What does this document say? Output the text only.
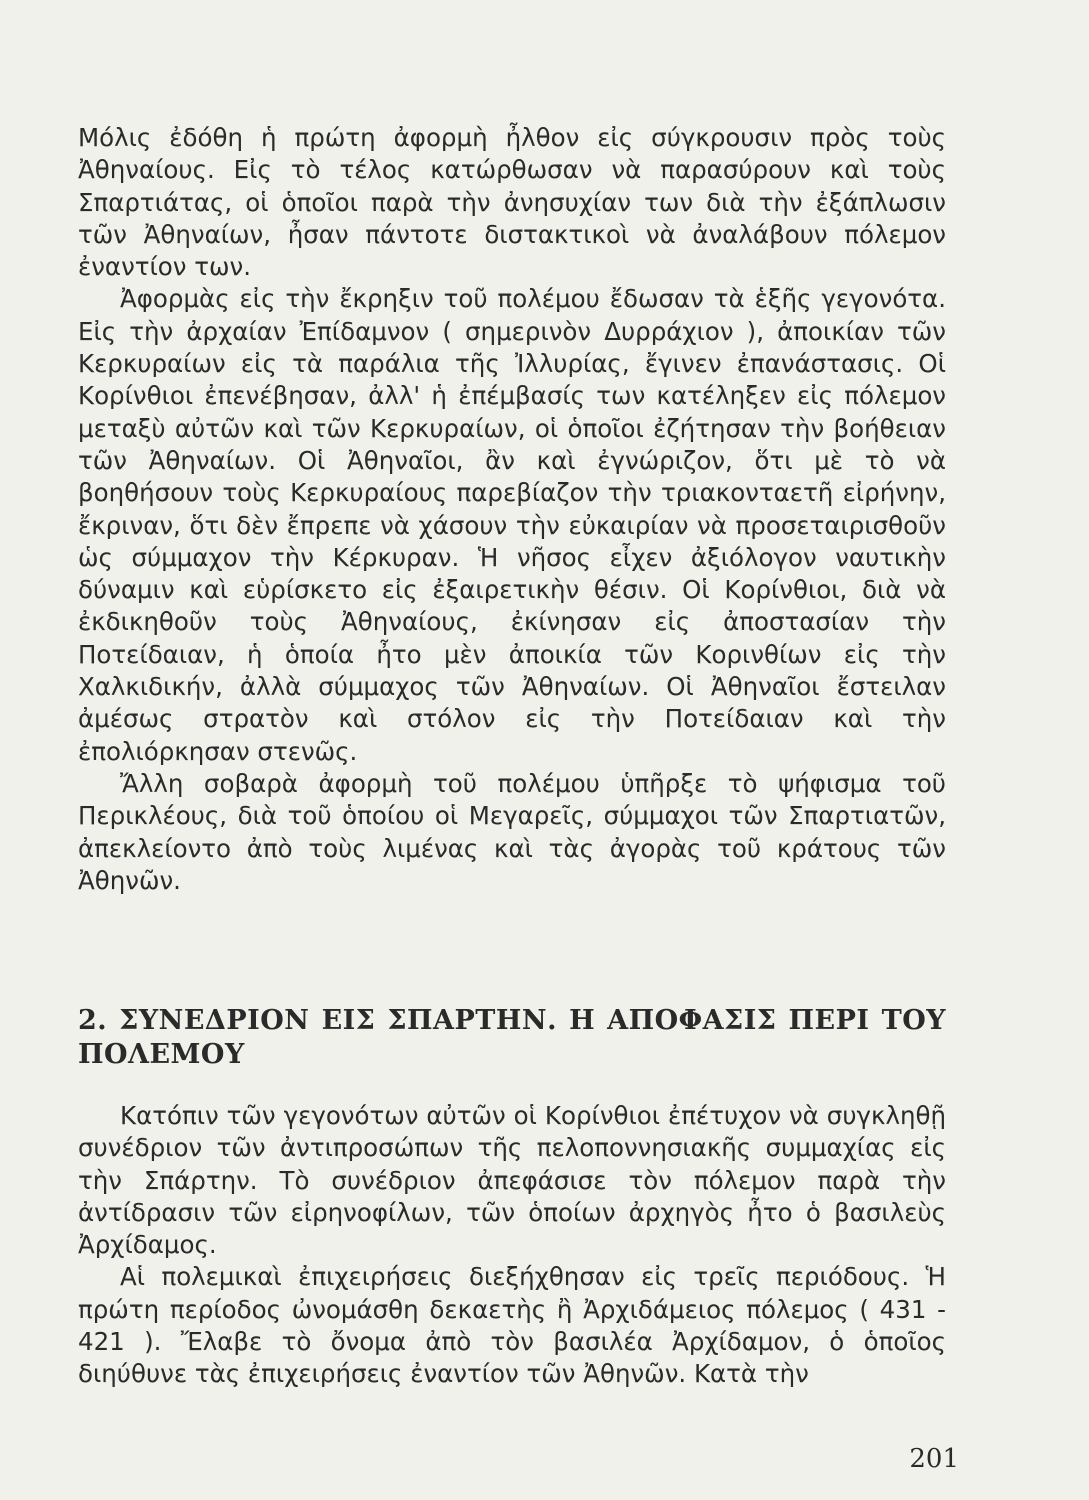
Μόλις ἐδόθη ἡ πρώτη ἀφορμὴ ἦλθον εἰς σύγκρουσιν πρὸς τοὺς Ἀθηναίους. Εἰς τὸ τέλος κατώρθωσαν νὰ παρασύρουν καὶ τοὺς Σπαρτιάτας, οἱ ὁποῖοι παρὰ τὴν ἀνησυχίαν των διὰ τὴν ἐξάπλωσιν τῶν Ἀθηναίων, ἦσαν πάντοτε διστακτικοὶ νὰ ἀναλάβουν πόλεμον ἐναντίον των.

Ἀφορμὰς εἰς τὴν ἔκρηξιν τοῦ πολέμου ἔδωσαν τὰ ἑξῆς γεγονότα. Εἰς τὴν ἀρχαίαν Ἐπίδαμνον ( σημερινὸν Δυρράχιον ), ἀποικίαν τῶν Κερκυραίων εἰς τὰ παράλια τῆς Ἰλλυρίας, ἔγινεν ἐπανάστασις. Οἱ Κορίνθιοι ἐπενέβησαν, ἀλλ' ἡ ἐπέμβασίς των κατέληξεν εἰς πόλεμον μεταξὺ αὐτῶν καὶ τῶν Κερκυραίων, οἱ ὁποῖοι ἐζήτησαν τὴν βοήθειαν τῶν Ἀθηναίων. Οἱ Ἀθηναῖοι, ἂν καὶ ἐγνώριζον, ὅτι μὲ τὸ νὰ βοηθήσουν τοὺς Κερκυραίους παρεβίαζον τὴν τριακονταετῆ εἰρήνην, ἔκριναν, ὅτι δὲν ἔπρεπε νὰ χάσουν τὴν εὐκαιρίαν νὰ προσεταιρισθοῦν ὡς σύμμαχον τὴν Κέρκυραν. Ἡ νῆσος εἶχεν ἀξιόλογον ναυτικὴν δύναμιν καὶ εὑρίσκετο εἰς ἐξαιρετικὴν θέσιν. Οἱ Κορίνθιοι, διὰ νὰ ἐκδικηθοῦν τοὺς Ἀθηναίους, ἐκίνησαν εἰς ἀποστασίαν τὴν Ποτείδαιαν, ἡ ὁποία ἦτο μὲν ἀποικία τῶν Κορινθίων εἰς τὴν Χαλκιδικήν, ἀλλὰ σύμμαχος τῶν Ἀθηναίων. Οἱ Ἀθηναῖοι ἔστειλαν ἀμέσως στρατὸν καὶ στόλον εἰς τὴν Ποτείδαιαν καὶ τὴν ἐπολιόρκησαν στενῶς.

Ἄλλη σοβαρὰ ἀφορμὴ τοῦ πολέμου ὑπῆρξε τὸ ψήφισμα τοῦ Περικλέους, διὰ τοῦ ὁποίου οἱ Μεγαρεῖς, σύμμαχοι τῶν Σπαρτιατῶν, ἀπεκλείοντο ἀπὸ τοὺς λιμένας καὶ τὰς ἀγορὰς τοῦ κράτους τῶν Ἀθηνῶν.

2. ΣΥΝΕΔΡΙΟΝ ΕΙΣ ΣΠΑΡΤΗΝ. Η ΑΠΟΦΑΣΙΣ ΠΕΡΙ ΤΟΥ ΠΟΛΕΜΟΥ

Κατόπιν τῶν γεγονότων αὐτῶν οἱ Κορίνθιοι ἐπέτυχον νὰ συγκληθῇ συνέδριον τῶν ἀντιπροσώπων τῆς πελοποννησιακῆς συμμαχίας εἰς τὴν Σπάρτην. Τὸ συνέδριον ἀπεφάσισε τὸν πόλεμον παρὰ τὴν ἀντίδρασιν τῶν εἰρηνοφίλων, τῶν ὁποίων ἀρχηγὸς ἦτο ὁ βασιλεὺς Ἀρχίδαμος.

Αἱ πολεμικαὶ ἐπιχειρήσεις διεξήχθησαν εἰς τρεῖς περιόδους. Ἡ πρώτη περίοδος ὠνομάσθη δεκαετὴς ἢ Ἀρχιδάμειος πόλεμος ( 431 - 421 ). Ἔλαβε τὸ ὄνομα ἀπὸ τὸν βασιλέα Ἀρχίδαμον, ὁ ὁποῖος διηύθυνε τὰς ἐπιχειρήσεις ἐναντίον τῶν Ἀθηνῶν. Κατὰ τὴν

201
